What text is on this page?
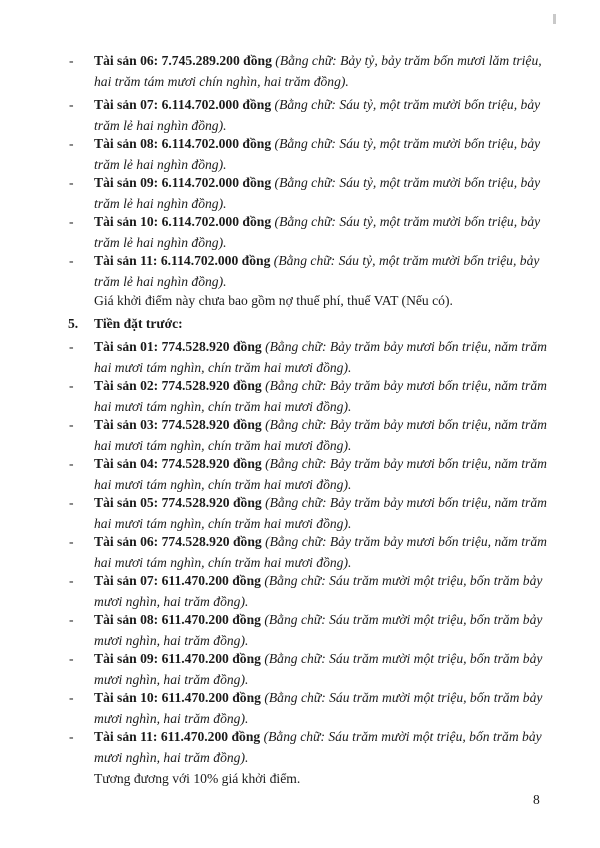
- Tài sản 06: 7.745.289.200 đồng (Bằng chữ: Bảy tỷ, bảy trăm bốn mươi lăm triệu,
hai trăm tám mươi chín nghìn, hai trăm đồng).
- Tài sản 07: 6.114.702.000 đồng (Bằng chữ: Sáu tỷ, một trăm mười bốn triệu, bảy
trăm lẻ hai nghìn đồng).
- Tài sản 08: 6.114.702.000 đồng (Bằng chữ: Sáu tỷ, một trăm mười bốn triệu, bảy
trăm lẻ hai nghìn đồng).
- Tài sản 09: 6.114.702.000 đồng (Bằng chữ: Sáu tỷ, một trăm mười bốn triệu, bảy
trăm lẻ hai nghìn đồng).
- Tài sản 10: 6.114.702.000 đồng (Bằng chữ: Sáu tỷ, một trăm mười bốn triệu, bảy
trăm lẻ hai nghìn đồng).
- Tài sản 11: 6.114.702.000 đồng (Bằng chữ: Sáu tỷ, một trăm mười bốn triệu, bảy
trăm lẻ hai nghìn đồng).
Giá khởi điểm này chưa bao gồm nợ thuế phí, thuế VAT (Nếu có).
5. Tiền đặt trước:
- Tài sản 01: 774.528.920 đồng (Bằng chữ: Bảy trăm bảy mươi bốn triệu, năm trăm
hai mươi tám nghìn, chín trăm hai mươi đồng).
- Tài sản 02: 774.528.920 đồng (Bằng chữ: Bảy trăm bảy mươi bốn triệu, năm trăm
hai mươi tám nghìn, chín trăm hai mươi đồng).
- Tài sản 03: 774.528.920 đồng (Bằng chữ: Bảy trăm bảy mươi bốn triệu, năm trăm
hai mươi tám nghìn, chín trăm hai mươi đồng).
- Tài sản 04: 774.528.920 đồng (Bằng chữ: Bảy trăm bảy mươi bốn triệu, năm trăm
hai mươi tám nghìn, chín trăm hai mươi đồng).
- Tài sản 05: 774.528.920 đồng (Bằng chữ: Bảy trăm bảy mươi bốn triệu, năm trăm
hai mươi tám nghìn, chín trăm hai mươi đồng).
- Tài sản 06: 774.528.920 đồng (Bằng chữ: Bảy trăm bảy mươi bốn triệu, năm trăm
hai mươi tám nghìn, chín trăm hai mươi đồng).
- Tài sản 07: 611.470.200 đồng (Bằng chữ: Sáu trăm mười một triệu, bốn trăm bảy
mươi nghìn, hai trăm đồng).
- Tài sản 08: 611.470.200 đồng (Bằng chữ: Sáu trăm mười một triệu, bốn trăm bảy
mươi nghìn, hai trăm đồng).
- Tài sản 09: 611.470.200 đồng (Bằng chữ: Sáu trăm mười một triệu, bốn trăm bảy
mươi nghìn, hai trăm đồng).
- Tài sản 10: 611.470.200 đồng (Bằng chữ: Sáu trăm mười một triệu, bốn trăm bảy
mươi nghìn, hai trăm đồng).
- Tài sản 11: 611.470.200 đồng (Bằng chữ: Sáu trăm mười một triệu, bốn trăm bảy
mươi nghìn, hai trăm đồng).
Tương đương với 10% giá khởi điểm.
8
